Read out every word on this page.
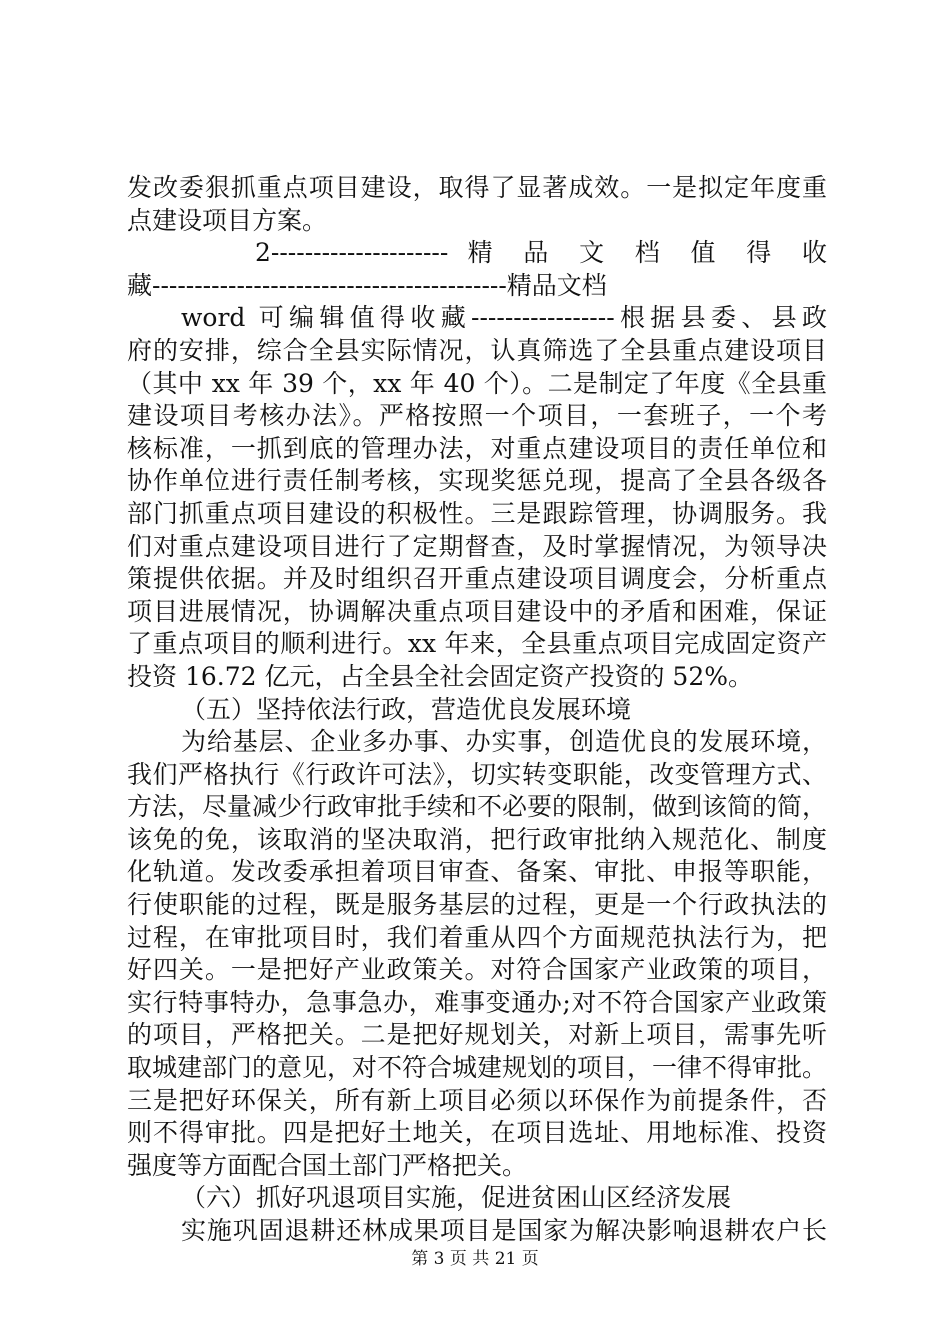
发改委狠抓重点项目建设，取得了显著成效。一是拟定年度重
点建设项目方案。
2--------------------- 精 品 文 档 值 得 收
藏------------------------------------------精品文档
word 可编辑值得收藏-----------------根据县委、县政
府的安排，综合全县实际情况，认真筛选了全县重点建设项目
（其中 xx 年 39 个，xx 年 40 个）。二是制定了年度《全县重
建设项目考核办法》。严格按照一个项目，一套班子，一个考
核标准，一抓到底的管理办法，对重点建设项目的责任单位和
协作单位进行责任制考核，实现奖惩兑现，提高了全县各级各
部门抓重点项目建设的积极性。三是跟踪管理，协调服务。我
们对重点建设项目进行了定期督查，及时掌握情况，为领导决
策提供依据。并及时组织召开重点建设项目调度会，分析重点
项目进展情况，协调解决重点项目建设中的矛盾和困难，保证
了重点项目的顺利进行。xx 年来，全县重点项目完成固定资产
投资 16.72 亿元，占全县全社会固定资产投资的 52%。
（五）坚持依法行政，营造优良发展环境
为给基层、企业多办事、办实事，创造优良的发展环境，
我们严格执行《行政许可法》，切实转变职能，改变管理方式、
方法，尽量减少行政审批手续和不必要的限制，做到该简的简，
该免的免，该取消的坚决取消，把行政审批纳入规范化、制度
化轨道。发改委承担着项目审查、备案、审批、申报等职能，
行使职能的过程，既是服务基层的过程，更是一个行政执法的
过程，在审批项目时，我们着重从四个方面规范执法行为，把
好四关。一是把好产业政策关。对符合国家产业政策的项目，
实行特事特办，急事急办，难事变通办;对不符合国家产业政策
的项目，严格把关。二是把好规划关，对新上项目，需事先听
取城建部门的意见，对不符合城建规划的项目，一律不得审批。
三是把好环保关，所有新上项目必须以环保作为前提条件，否
则不得审批。四是把好土地关，在项目选址、用地标准、投资
强度等方面配合国土部门严格把关。
（六）抓好巩退项目实施，促进贫困山区经济发展
实施巩固退耕还林成果项目是国家为解决影响退耕农户长
第 3 页 共 21 页
